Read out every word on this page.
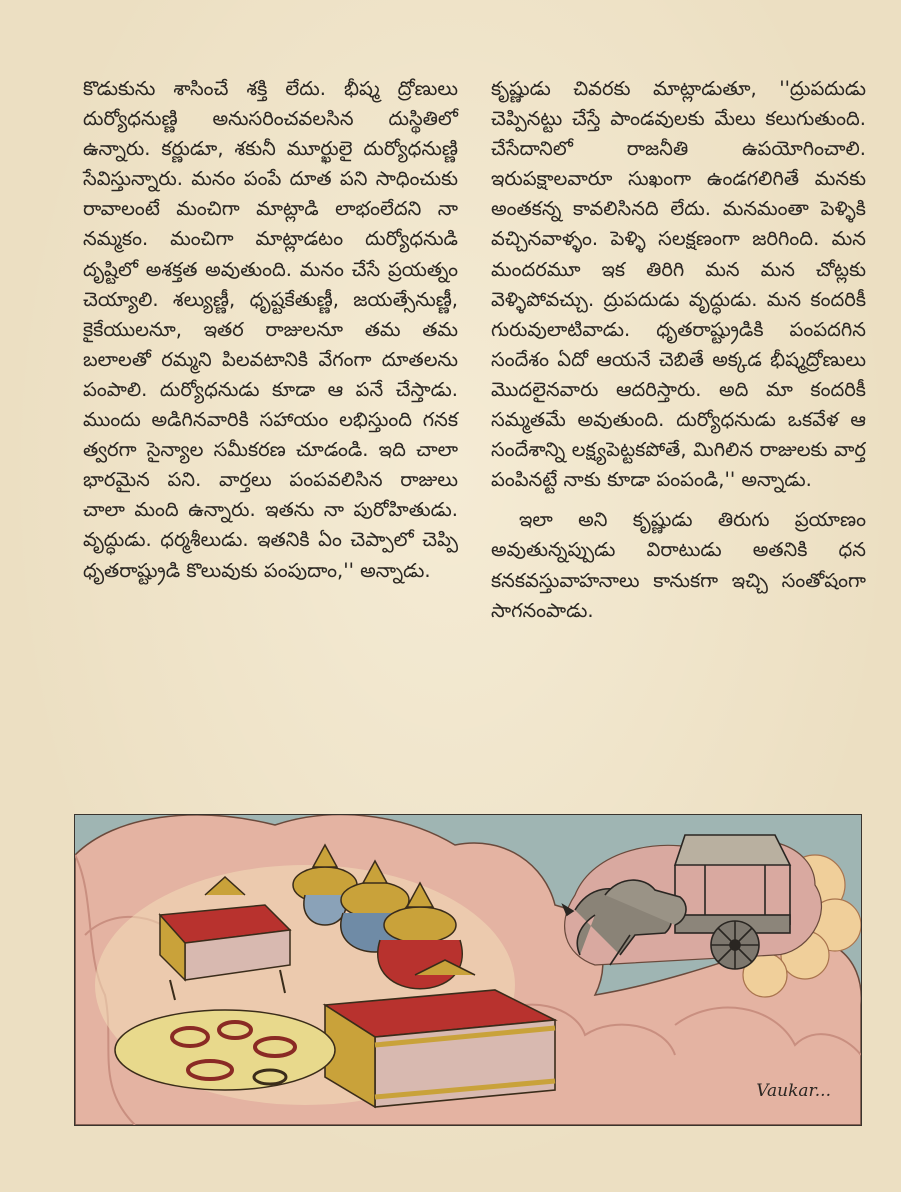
కొడుకును శాసించే శక్తి లేదు. భీష్మ ద్రోణులు దుర్యోధనుణ్ణి అనుసరించవలసిన దుస్థితిలో ఉన్నారు. కర్ణుడూ, శకునీ మూర్ఖులై దుర్యోధనుణ్ణి సేవిస్తున్నారు. మనం పంపే దూత పని సాధించుకు రావాలంటే మంచిగా మాట్లాడి లాభంలేదని నా నమ్మకం. మంచిగా మాట్లాడటం దుర్యోధనుడి దృష్టిలో అశక్తత అవుతుంది. మనం చేసే ప్రయత్నం చెయ్యాలి. శల్యుణ్ణీ, ధృష్టకేతుణ్ణీ, జయత్సేనుణ్ణీ, కైకేయులనూ, ఇతర రాజులనూ తమ తమ బలాలతో రమ్మని పిలవటానికి వేగంగా దూతలను పంపాలి. దుర్యోధనుడు కూడా ఆ పనే చేస్తాడు. ముందు అడిగినవారికి సహాయం లభిస్తుంది గనక త్వరగా సైన్యాల సమీకరణ చూడండి. ఇది చాలా భారమైన పని. వార్తలు పంపవలిసిన రాజులు చాలా మంది ఉన్నారు. ఇతను నా పురోహితుడు. వృద్ధుడు. ధర్మశీలుడు. ఇతనికి ఏం చెప్పాలో చెప్పి ధృతరాష్ట్రుడి కొలువుకు పంపుదాం,'' అన్నాడు.

కృష్ణుడు చివరకు మాట్లాడుతూ, ''ద్రుపదుడు చెప్పినట్టు చేస్తే పాండవులకు మేలు కలుగుతుంది. చేసేదానిలో రాజనీతి ఉపయోగించాలి. ఇరుపక్షాలవారూ సుఖంగా ఉండగలిగితే మనకు అంతకన్న కావలిసినది లేదు. మనమంతా పెళ్ళికి వచ్చినవాళ్ళం. పెళ్ళి సలక్షణంగా జరిగింది. మన మందరమూ ఇక తిరిగి మన మన చోట్లకు వెళ్ళిపోవచ్చు. ద్రుపదుడు వృద్ధుడు. మన కందరికీ గురువులాటివాడు. ధృతరాష్ట్రుడికి పంపదగిన సందేశం ఏదో ఆయనే చెబితే అక్కడ భీష్మద్రోణులు మొదలైనవారు ఆదరిస్తారు. అది మా కందరికీ సమ్మతమే అవుతుంది. దుర్యోధనుడు ఒకవేళ ఆ సందేశాన్ని లక్ష్యపెట్టకపోతే, మిగిలిన రాజులకు వార్త పంపినట్టే నాకు కూడా పంపండి,'' అన్నాడు.

ఇలా అని కృష్ణుడు తిరుగు ప్రయాణం అవుతున్నప్పుడు విరాటుడు అతనికి ధన కనకవస్తువాహనాలు కానుకగా ఇచ్చి సంతోషంగా సాగనంపాడు.

Vaukar...
